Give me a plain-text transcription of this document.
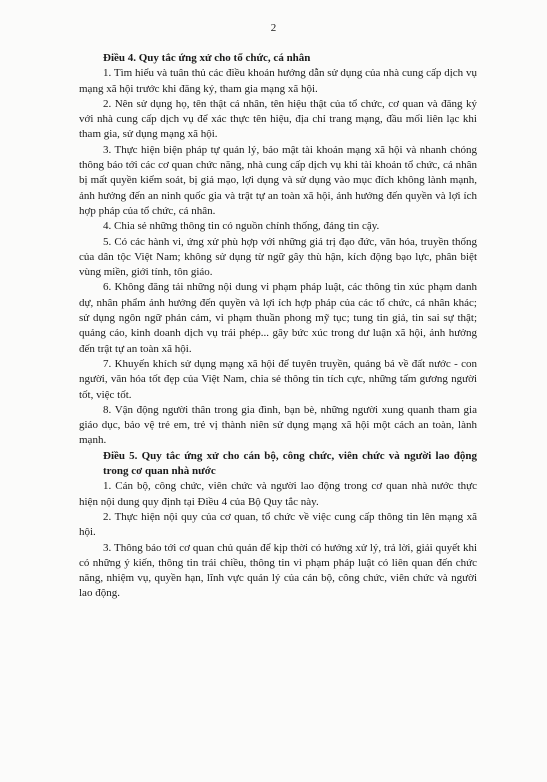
2

Điều 4. Quy tắc ứng xử cho tổ chức, cá nhân

1. Tìm hiểu và tuân thủ các điều khoản hướng dẫn sử dụng của nhà cung cấp dịch vụ mạng xã hội trước khi đăng ký, tham gia mạng xã hội.

2. Nên sử dụng họ, tên thật cá nhân, tên hiệu thật của tổ chức, cơ quan và đăng ký với nhà cung cấp dịch vụ để xác thực tên hiệu, địa chỉ trang mạng, đầu mối liên lạc khi tham gia, sử dụng mạng xã hội.

3. Thực hiện biện pháp tự quản lý, bảo mật tài khoản mạng xã hội và nhanh chóng thông báo tới các cơ quan chức năng, nhà cung cấp dịch vụ khi tài khoản tổ chức, cá nhân bị mất quyền kiểm soát, bị giả mạo, lợi dụng và sử dụng vào mục đích không lành mạnh, ảnh hưởng đến an ninh quốc gia và trật tự an toàn xã hội, ảnh hưởng đến quyền và lợi ích hợp pháp của tổ chức, cá nhân.

4. Chia sẻ những thông tin có nguồn chính thống, đáng tin cậy.

5. Có các hành vi, ứng xử phù hợp với những giá trị đạo đức, văn hóa, truyền thống của dân tộc Việt Nam; không sử dụng từ ngữ gây thù hận, kích động bạo lực, phân biệt vùng miền, giới tính, tôn giáo.

6. Không đăng tải những nội dung vi phạm pháp luật, các thông tin xúc phạm danh dự, nhân phẩm ảnh hưởng đến quyền và lợi ích hợp pháp của các tổ chức, cá nhân khác; sử dụng ngôn ngữ phản cảm, vi phạm thuần phong mỹ tục; tung tin giả, tin sai sự thật; quảng cáo, kinh doanh dịch vụ trái phép... gây bức xúc trong dư luận xã hội, ảnh hưởng đến trật tự an toàn xã hội.

7. Khuyến khích sử dụng mạng xã hội để tuyên truyền, quảng bá về đất nước - con người, văn hóa tốt đẹp của Việt Nam, chia sẻ thông tin tích cực, những tấm gương người tốt, việc tốt.

8. Vận động người thân trong gia đình, bạn bè, những người xung quanh tham gia giáo dục, bảo vệ trẻ em, trẻ vị thành niên sử dụng mạng xã hội một cách an toàn, lành mạnh.

Điều 5. Quy tắc ứng xử cho cán bộ, công chức, viên chức và người lao động trong cơ quan nhà nước

1. Cán bộ, công chức, viên chức và người lao động trong cơ quan nhà nước thực hiện nội dung quy định tại Điều 4 của Bộ Quy tắc này.

2. Thực hiện nội quy của cơ quan, tổ chức về việc cung cấp thông tin lên mạng xã hội.

3. Thông báo tới cơ quan chủ quản để kịp thời có hướng xử lý, trả lời, giải quyết khi có những ý kiến, thông tin trái chiều, thông tin vi phạm pháp luật có liên quan đến chức năng, nhiệm vụ, quyền hạn, lĩnh vực quản lý của cán bộ, công chức, viên chức và người lao động.
